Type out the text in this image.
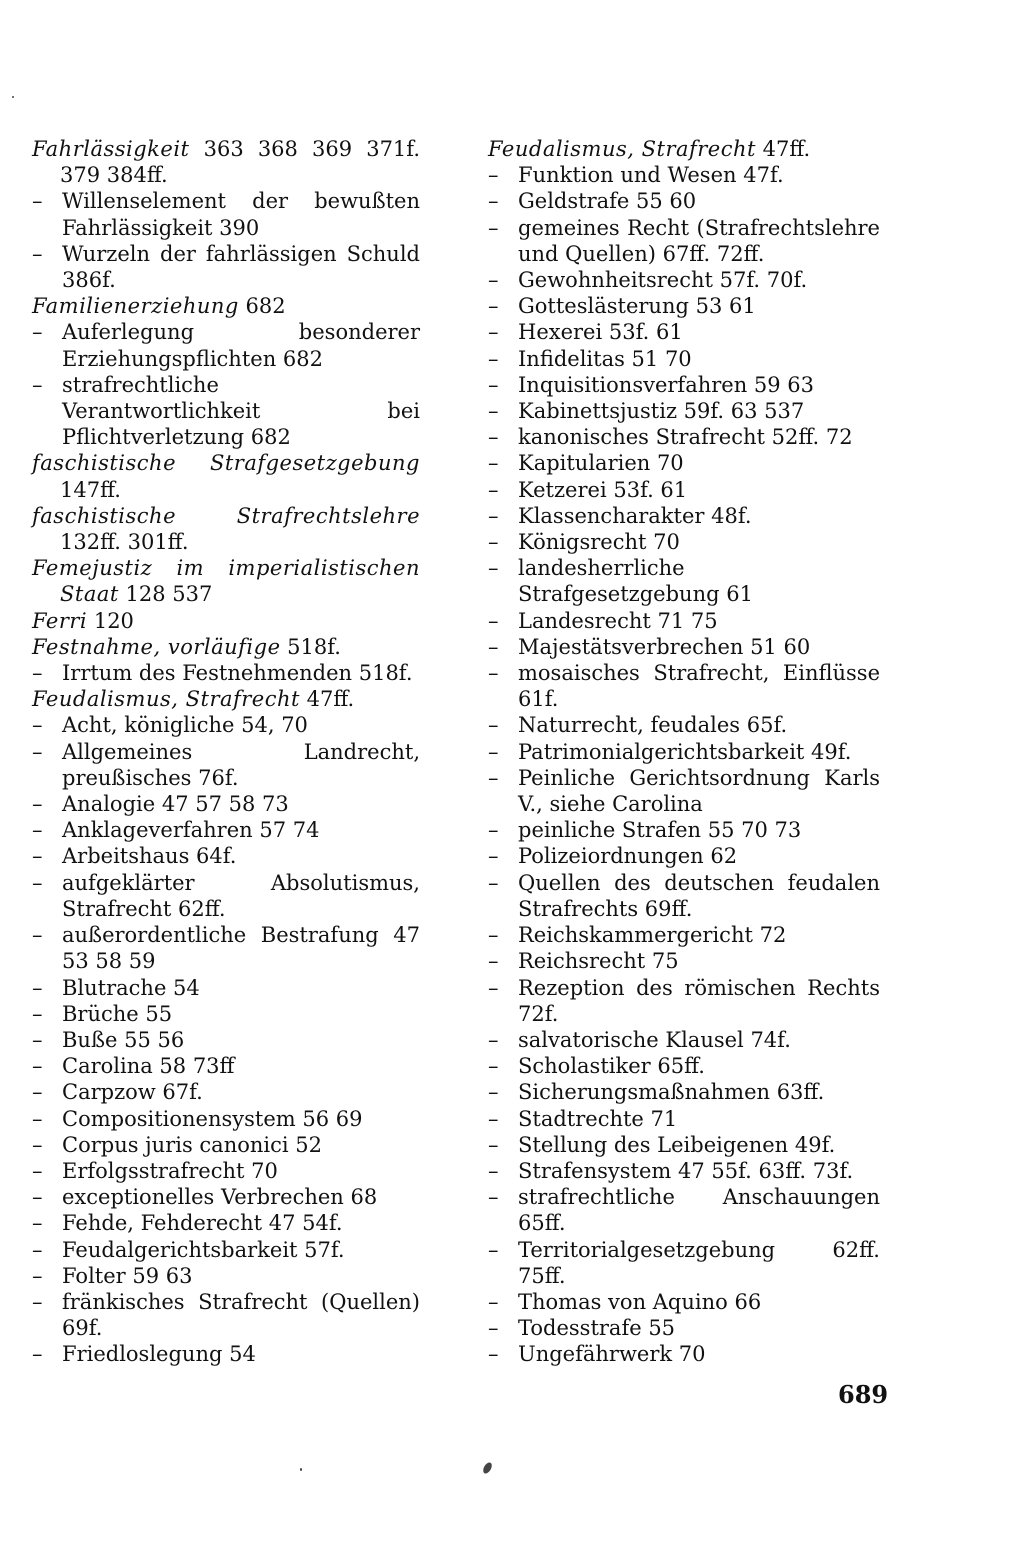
Fahrlässigkeit 363 368 369 371f. 379 384ff.
– Willenselement der bewußten Fahrlässigkeit 390
– Wurzeln der fahrlässigen Schuld 386f.
Familienerziehung 682
– Auferlegung besonderer Erziehungspflichten 682
– strafrechtliche Verantwortlichkeit bei Pflichtverletzung 682
faschistische Strafgesetzgebung 147ff.
faschistische Strafrechtslehre 132ff. 301ff.
Femejustiz im imperialistischen Staat 128 537
Ferri 120
Festnahme, vorläufige 518f.
– Irrtum des Festnehmenden 518f.
Feudalismus, Strafrecht 47ff.
– Acht, königliche 54, 70
– Allgemeines Landrecht, preußisches 76f.
– Analogie 47 57 58 73
– Anklageverfahren 57 74
– Arbeitshaus 64f.
– aufgeklärter Absolutismus, Strafrecht 62ff.
– außerordentliche Bestrafung 47 53 58 59
– Blutrache 54
– Brüche 55
– Buße 55 56
– Carolina 58 73ff
– Carpzow 67f.
– Compositionensystem 56 69
– Corpus juris canonici 52
– Erfolgsstrafrecht 70
– exceptionelles Verbrechen 68
– Fehde, Fehderecht 47 54f.
– Feudalgerichtsbarkeit 57f.
– Folter 59 63
– fränkisches Strafrecht (Quellen) 69f.
– Friedloslegung 54
Feudalismus, Strafrecht 47ff.
– Funktion und Wesen 47f.
– Geldstrafe 55 60
– gemeines Recht (Strafrechtslehre und Quellen) 67ff. 72ff.
– Gewohnheitsrecht 57f. 70f.
– Gotteslästerung 53 61
– Hexerei 53f. 61
– Infidelitas 51 70
– Inquisitionsverfahren 59 63
– Kabinettsjustiz 59f. 63 537
– kanonisches Strafrecht 52ff. 72
– Kapitularien 70
– Ketzerei 53f. 61
– Klassencharakter 48f.
– Königsrecht 70
– landesherrliche Strafgesetzgebung 61
– Landesrecht 71 75
– Majestätsverbrechen 51 60
– mosaisches Strafrecht, Einflüsse 61f.
– Naturrecht, feudales 65f.
– Patrimonialgerichtsbarkeit 49f.
– Peinliche Gerichtsordnung Karls V., siehe Carolina
– peinliche Strafen 55 70 73
– Polizeiordnungen 62
– Quellen des deutschen feudalen Strafrechts 69ff.
– Reichskammergericht 72
– Reichsrecht 75
– Rezeption des römischen Rechts 72f.
– salvatorische Klausel 74f.
– Scholastiker 65ff.
– Sicherungsmaßnahmen 63ff.
– Stadtrechte 71
– Stellung des Leibeigenen 49f.
– Strafensystem 47 55f. 63ff. 73f.
– strafrechtliche Anschauungen 65ff.
– Territorialgesetzgebung 62ff. 75ff.
– Thomas von Aquino 66
– Todesstrafe 55
– Ungefährwerk 70
689
